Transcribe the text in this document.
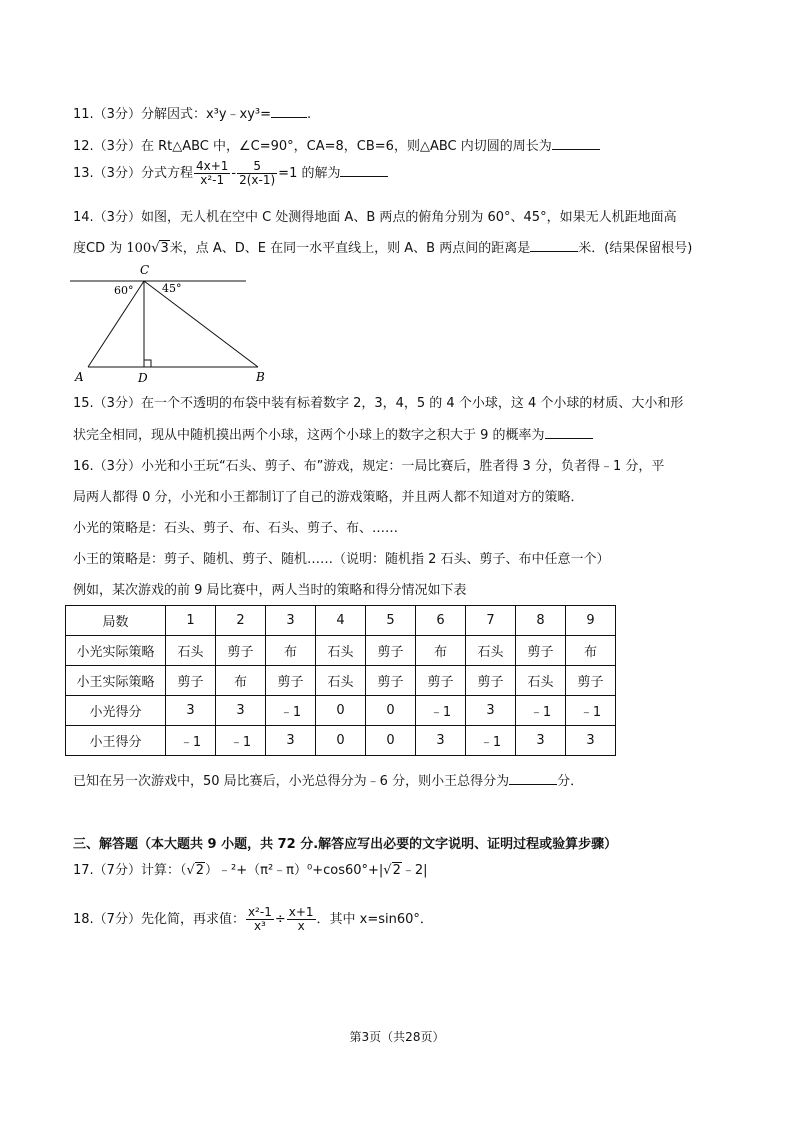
11.（3分）分解因式：x³y﹣xy³=	.
12.（3分）在 Rt△ABC 中，∠C=90°，CA=8，CB=6，则△ABC 内切圆的周长为
13.（3分）分式方程 $\frac{4x+1}{\text{x²-1}} - \frac{5}{2(x-1)} =1$ 的解为
14.（3分）如图，无人机在空中 C 处测得地面 A、B 两点的俯角分别为 60°、45°，如果无人机距地面高
度CD 为 100√3米，点 A、D、E 在同一水平直线上，则 A、B 两点间的距离是	米．(结果保留根号)
C
60°	45°
A	D	B
15.（3分）在一个不透明的布袋中装有标着数字 2，3，4，5 的 4 个小球，这 4 个小球的材质、大小和形
状完全相同，现从中随机摸出两个小球，这两个小球上的数字之积大于 9 的概率为
16.（3分）小光和小王玩“石头、剪子、布”游戏，规定：一局比赛后，胜者得 3 分，负者得﹣1 分，平
局两人都得 0 分，小光和小王都制订了自己的游戏策略，并且两人都不知道对方的策略．
小光的策略是：石头、剪子、布、石头、剪子、布、……
小王的策略是：剪子、随机、剪子、随机……（说明：随机指 2 石头、剪子、布中任意一个）
例如，某次游戏的前 9 局比赛中，两人当时的策略和得分情况如下表
局数	1	2	3	4	5	6	7	8	9
小光实际策略	石头	剪子	布	石头	剪子	布	石头	剪子	布
小王实际策略	剪子	布	剪子	石头	剪子	剪子	剪子	石头	剪子
小光得分	3	3	﹣1	0	0	﹣1	3	﹣1	﹣1
小王得分	﹣1	﹣1	3	0	0	3	﹣1	3	3
已知在另一次游戏中，50 局比赛后，小光总得分为﹣6 分，则小王总得分为	分．
三、解答题（本大题共 9 小题，共 72 分.解答应写出必要的文字说明、证明过程或验算步骤）
17.（7分）计算：（√2）﹣²+（π²﹣π）⁰+cos60°+|√2﹣2|
18.（7分）先化简，再求值： $\frac{\text{x²-1}}{\text{x³}} \div \frac{x+1}{x}$ ．其中 x=sin60°．
第3页（共28页）
